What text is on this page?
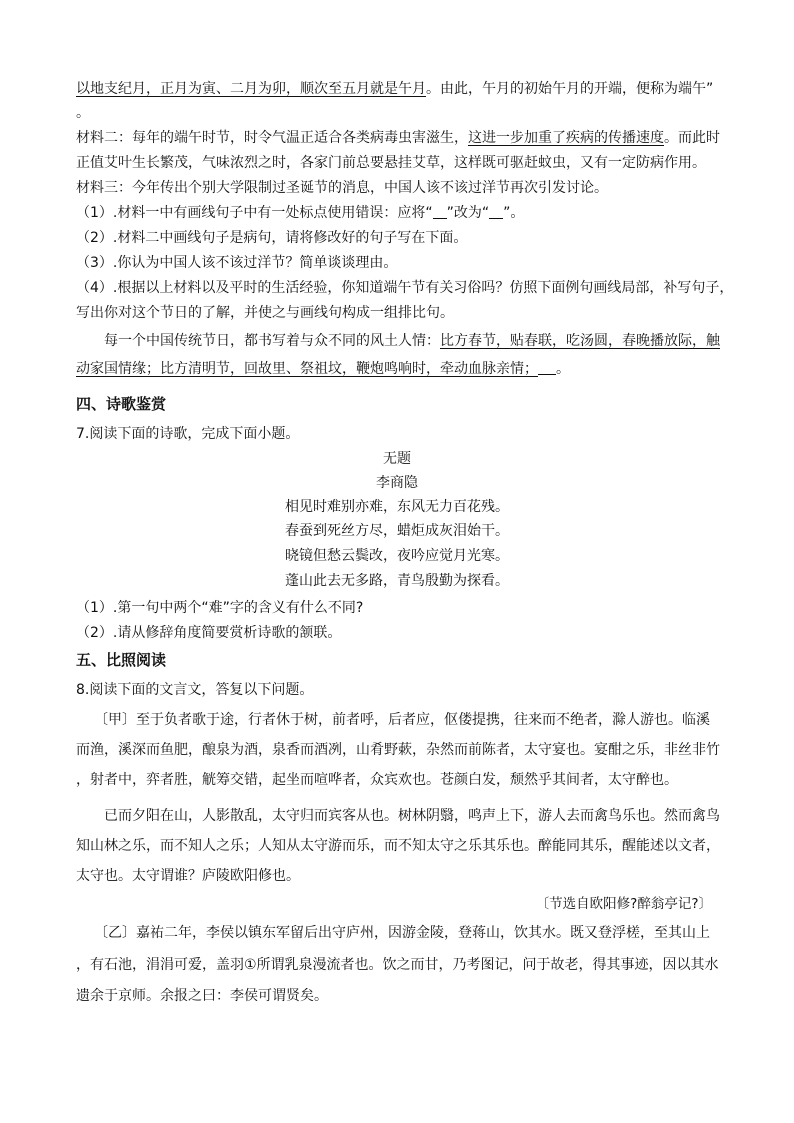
以地支纪月，正月为寅、二月为卯，顺次至五月就是午月。由此，午月的初始午月的开端，便称为端午”
。
材料二：每年的端午时节，时令气温正适合各类病毒虫害滋生，这进一步加重了疾病的传播速度。而此时
正值艾叶生长繁茂，气味浓烈之时，各家门前总要悬挂艾草，这样既可驱赶蚊虫，又有一定防病作用。
材料三：今年传出个别大学限制过圣诞节的消息，中国人该不该过洋节再次引发讨论。
（1）.材料一中有画线句子中有一处标点使用错误：应将“ ”改为“ ”。
（2）.材料二中画线句子是病句，请将修改好的句子写在下面。
（3）.你认为中国人该不该过洋节？简单谈谈理由。
（4）.根据以上材料以及平时的生活经验，你知道端午节有关习俗吗？仿照下面例句画线局部，补写句子，
写出你对这个节日的了解，并使之与画线句构成一组排比句。
每一个中国传统节日，都书写着与众不同的风土人情：比方春节，贴春联，吃汤圆，春晚播放际，触
动家国情缘；比方清明节，回故里、祭祖坟，鞭炮鸣响时，牵动血脉亲情； 。
四、诗歌鉴赏
7.阅读下面的诗歌，完成下面小题。
无题
李商隐
相见时难别亦难，东风无力百花残。
春蚕到死丝方尽，蜡炬成灰泪始干。
晓镜但愁云鬓改，夜吟应觉月光寒。
蓬山此去无多路，青鸟殷勤为探看。
（1）.第一句中两个“难”字的含义有什么不同?
（2）.请从修辞角度简要赏析诗歌的颔联。
五、比照阅读
8.阅读下面的文言文，答复以下问题。
〔甲〕至于负者歌于途，行者休于树，前者呼，后者应，伛偻提携，往来而不绝者，滁人游也。临溪
而渔，溪深而鱼肥，酿泉为酒，泉香而酒冽，山肴野蔌，杂然而前陈者，太守宴也。宴酣之乐，非丝非竹
，射者中，弈者胜，觥筹交错，起坐而喧哗者，众宾欢也。苍颜白发，颓然乎其间者，太守醉也。
已而夕阳在山，人影散乱，太守归而宾客从也。树林阴翳，鸣声上下，游人去而禽鸟乐也。然而禽鸟
知山林之乐，而不知人之乐；人知从太守游而乐，而不知太守之乐其乐也。醉能同其乐，醒能述以文者，
太守也。太守谓谁？庐陵欧阳修也。
〔节选自欧阳修?醉翁亭记?〕
〔乙〕嘉祐二年，李侯以镇东军留后出守庐州，因游金陵，登蒋山，饮其水。既又登浮槎，至其山上
，有石池，涓涓可爱，盖羽①所谓乳泉漫流者也。饮之而甘，乃考图记，问于故老，得其事迹，因以其水
遗余于京师。余报之曰：李侯可谓贤矣。
